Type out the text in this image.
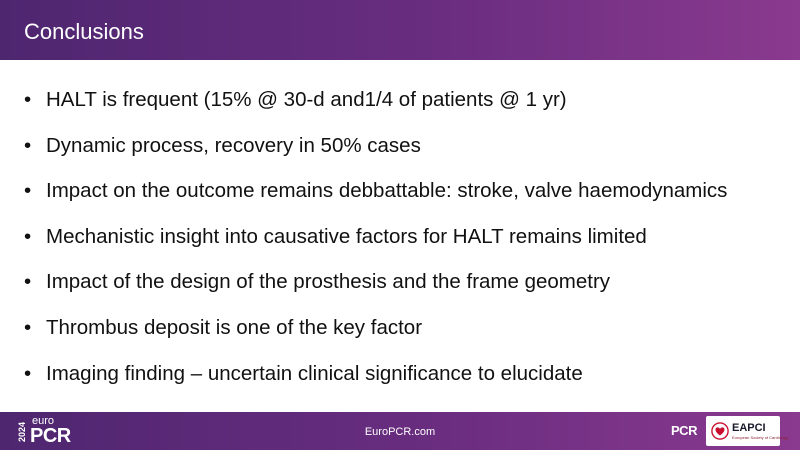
Conclusions
• HALT is frequent (15% @ 30-d and1/4 of patients @ 1 yr)
• Dynamic process, recovery in 50% cases
• Impact on the outcome remains debbattable: stroke, valve haemodynamics
• Mechanistic insight into causative factors for HALT remains limited
• Impact of the design of the prosthesis and the frame geometry
• Thrombus deposit is one of the key factor
• Imaging finding – uncertain clinical significance to elucidate
2024
euro
PCR	EuroPCR.com	PCR	EAPCI
European Society of Cardiology
